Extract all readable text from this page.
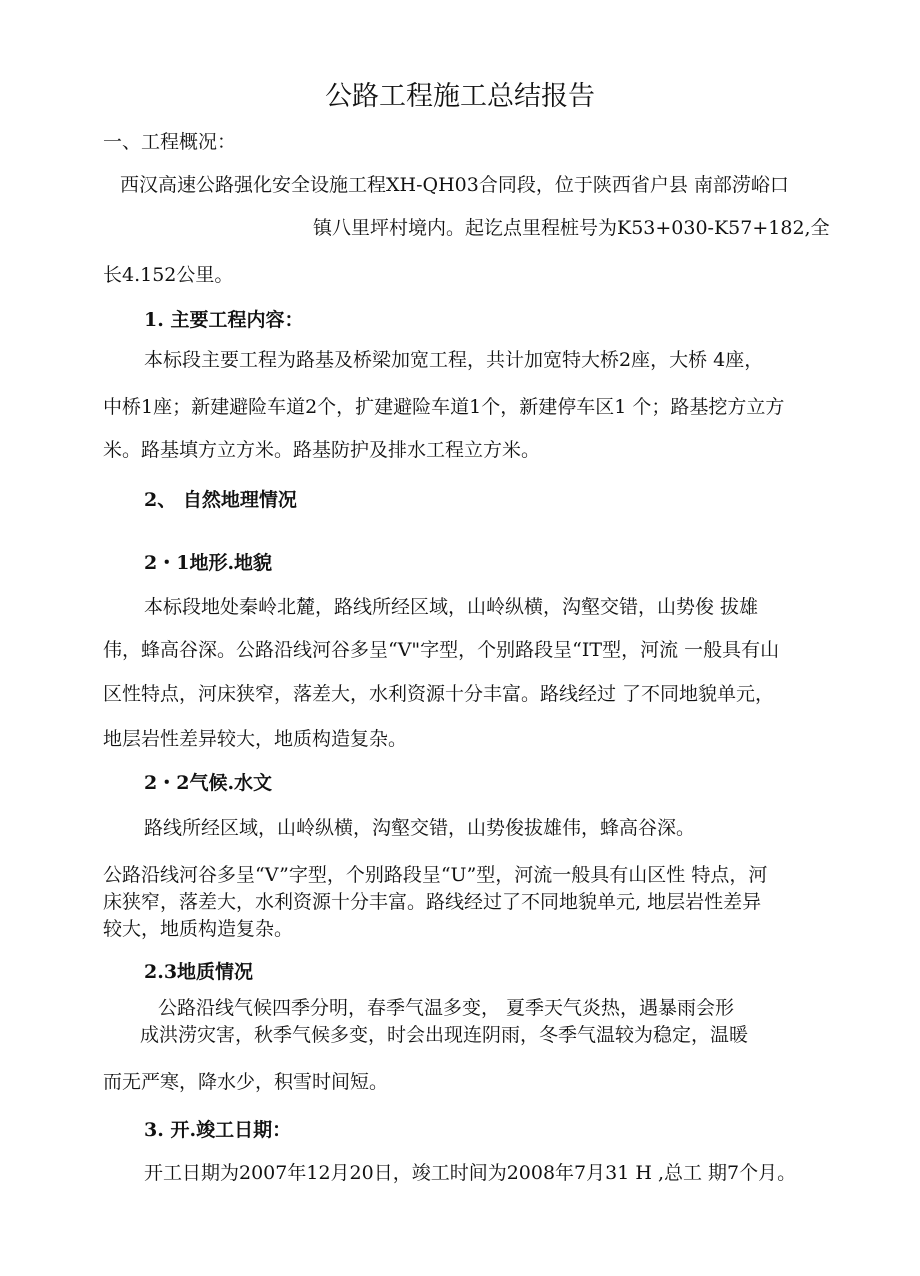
公路工程施工总结报告
一、工程概况：
西汉高速公路强化安全设施工程XH-QH03合同段，位于陕西省户县 南部涝峪口
镇八里坪村境内。起讫点里程桩号为K53+030-K57+182,全
长4.152公里。
1. 主要工程内容：
本标段主要工程为路基及桥梁加宽工程，共计加宽特大桥2座，大桥 4座，
中桥1座；新建避险车道2个，扩建避险车道1个，新建停车区1 个；路基挖方立方
米。路基填方立方米。路基防护及排水工程立方米。
2、 自然地理情况
2・1地形.地貌
本标段地处秦岭北麓，路线所经区域，山岭纵横，沟壑交错，山势俊 拔雄
伟，蜂高谷深。公路沿线河谷多呈“V"字型，个别路段呈“IT型，河流 一般具有山
区性特点，河床狭窄，落差大，水利资源十分丰富。路线经过 了不同地貌单元，
地层岩性差异较大，地质构造复杂。
2・2气候.水文
路线所经区域，山岭纵横，沟壑交错，山势俊拔雄伟，蜂高谷深。
公路沿线河谷多呈“V”字型，个别路段呈“U”型，河流一般具有山区性 特点，河
床狭窄，落差大，水利资源十分丰富。路线经过了不同地貌单元, 地层岩性差异
较大，地质构造复杂。
2.3地质情况
公路沿线气候四季分明，春季气温多变， 夏季天气炎热，遇暴雨会形
成洪涝灾害，秋季气候多变，时会出现连阴雨，冬季气温较为稳定，温暖
而无严寒，降水少，积雪时间短。
3. 开.竣工日期：
开工日期为2007年12月20日，竣工时间为2008年7月31 H ,总工 期7个月。
